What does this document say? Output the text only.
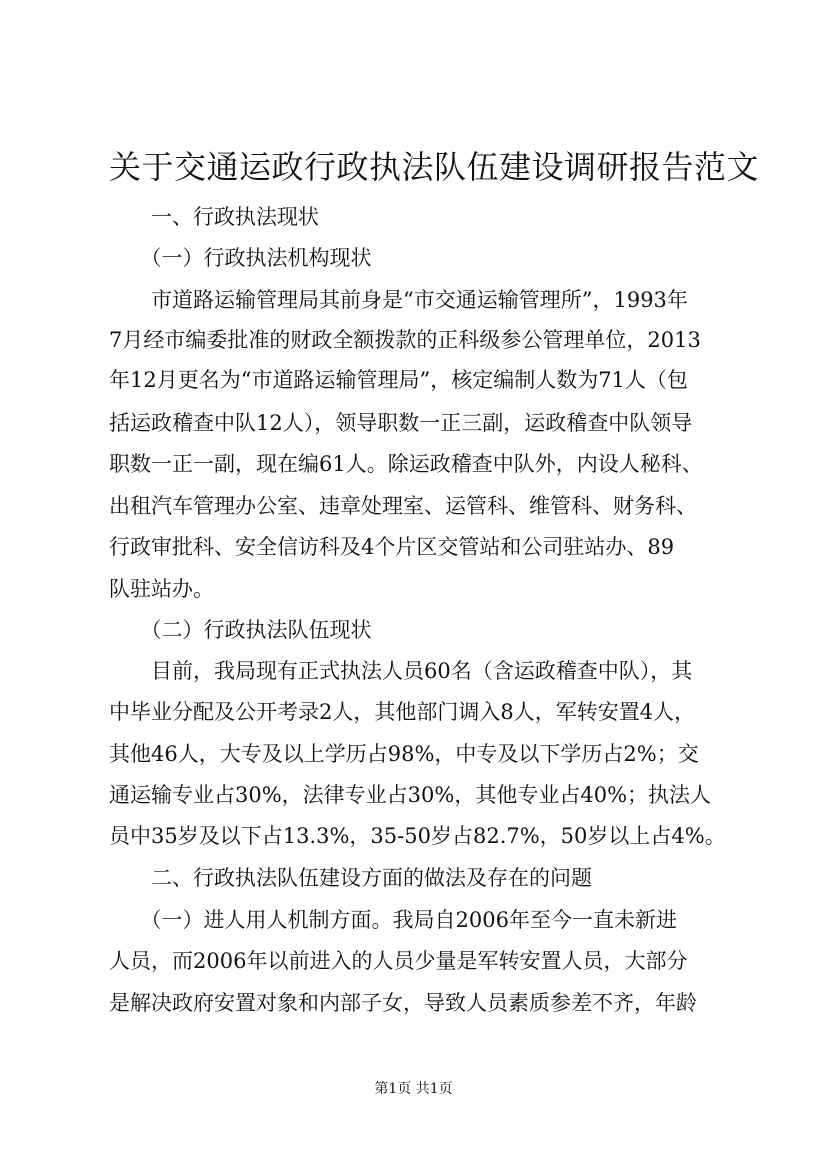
关于交通运政行政执法队伍建设调研报告范文
　　一、行政执法现状
　　（一）行政执法机构现状
　　市道路运输管理局其前身是“市交通运输管理所”，1993年
7月经市编委批准的财政全额拨款的正科级参公管理单位，2013
年12月更名为“市道路运输管理局”，核定编制人数为71人（包
括运政稽查中队12人），领导职数一正三副，运政稽查中队领导
职数一正一副，现在编61人。除运政稽查中队外，内设人秘科、
出租汽车管理办公室、违章处理室、运管科、维管科、财务科、
行政审批科、安全信访科及4个片区交管站和公司驻站办、89
队驻站办。
　　（二）行政执法队伍现状
　　目前，我局现有正式执法人员60名（含运政稽查中队），其
中毕业分配及公开考录2人，其他部门调入8人，军转安置4人，
其他46人，大专及以上学历占98%，中专及以下学历占2%；交
通运输专业占30%，法律专业占30%，其他专业占40%；执法人
员中35岁及以下占13.3%，35-50岁占82.7%，50岁以上占4%。
　　二、行政执法队伍建设方面的做法及存在的问题
　　（一）进人用人机制方面。我局自2006年至今一直未新进
人员，而2006年以前进入的人员少量是军转安置人员，大部分
是解决政府安置对象和内部子女，导致人员素质参差不齐，年龄
第1页 共1页
